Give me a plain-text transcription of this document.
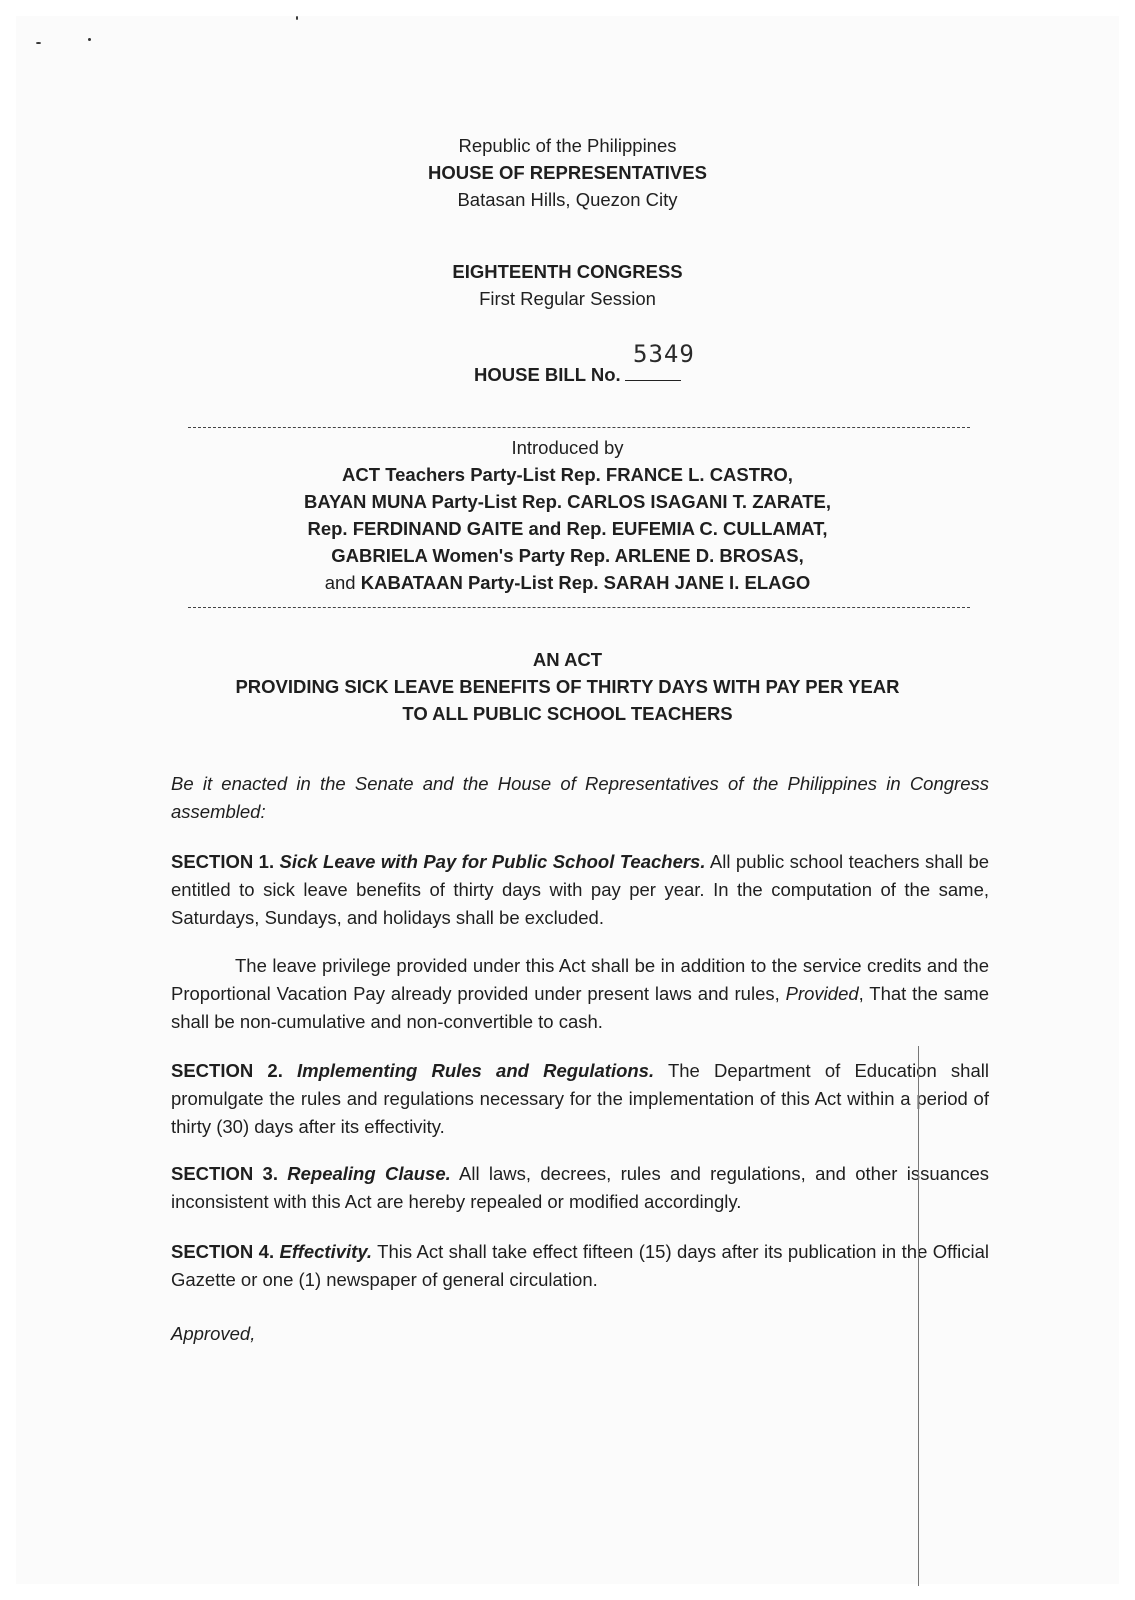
Republic of the Philippines
HOUSE OF REPRESENTATIVES
Batasan Hills, Quezon City
EIGHTEENTH CONGRESS
First Regular Session
5349
HOUSE BILL No.
Introduced by
ACT Teachers Party-List Rep. FRANCE L. CASTRO,
BAYAN MUNA Party-List Rep. CARLOS ISAGANI T. ZARATE,
Rep. FERDINAND GAITE and Rep. EUFEMIA C. CULLAMAT,
GABRIELA Women's Party Rep. ARLENE D. BROSAS,
and KABATAAN Party-List Rep. SARAH JANE I. ELAGO
AN ACT
PROVIDING SICK LEAVE BENEFITS OF THIRTY DAYS WITH PAY PER YEAR
TO ALL PUBLIC SCHOOL TEACHERS
Be it enacted in the Senate and the House of Representatives of the Philippines in Congress assembled:
SECTION 1. Sick Leave with Pay for Public School Teachers. All public school teachers shall be entitled to sick leave benefits of thirty days with pay per year. In the computation of the same, Saturdays, Sundays, and holidays shall be excluded.
The leave privilege provided under this Act shall be in addition to the service credits and the Proportional Vacation Pay already provided under present laws and rules, Provided, That the same shall be non-cumulative and non-convertible to cash.
SECTION 2. Implementing Rules and Regulations. The Department of Education shall promulgate the rules and regulations necessary for the implementation of this Act within a period of thirty (30) days after its effectivity.
SECTION 3. Repealing Clause. All laws, decrees, rules and regulations, and other issuances inconsistent with this Act are hereby repealed or modified accordingly.
SECTION 4. Effectivity. This Act shall take effect fifteen (15) days after its publication in the Official Gazette or one (1) newspaper of general circulation.
Approved,
